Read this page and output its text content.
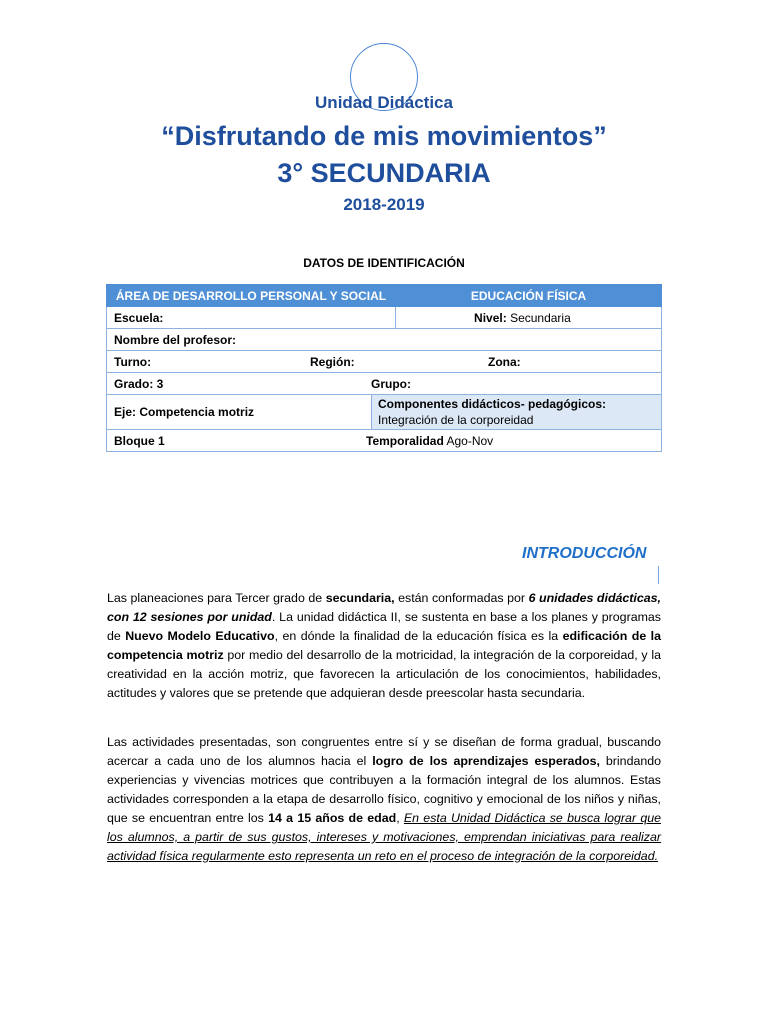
Unidad Didáctica
“Disfrutando de mis movimientos”
3° SECUNDARIA
2018-2019
DATOS DE IDENTIFICACIÓN
ÁREA DE DESARROLLO PERSONAL Y SOCIAL		EDUCACIÓN FÍSICA
Escuela:		Nivel: Secundaria
Nombre del profesor:		
Turno: Región: Zona:		
Grado: 3 Grupo:		
Eje: Competencia motriz	Componentes didácticos- pedagógicos:
Integración de la corporeidad	

Bloque 1 Temporalidad Ago-Nov		
INTRODUCCIÓN

Las planeaciones para Tercer grado de secundaria, están conformadas por 6 unidades didácticas, con 12 sesiones por unidad. La unidad didáctica II, se sustenta en base a los planes y programas de Nuevo Modelo Educativo, en dónde la finalidad de la educación física es la edificación de la competencia motriz por medio del desarrollo de la motricidad, la integración de la corporeidad, y la creatividad en la acción motriz, que favorecen la articulación de los conocimientos, habilidades, actitudes y valores que se pretende que adquieran desde preescolar hasta secundaria.

Las actividades presentadas, son congruentes entre sí y se diseñan de forma gradual, buscando acercar a cada uno de los alumnos hacia el logro de los aprendizajes esperados, brindando experiencias y vivencias motrices que contribuyen a la formación integral de los alumnos. Estas actividades corresponden a la etapa de desarrollo físico, cognitivo y emocional de los niños y niñas, que se encuentran entre los 14 a 15 años de edad, En esta Unidad Didáctica se busca lograr que los alumnos, a partir de sus gustos, intereses y motivaciones, emprendan iniciativas para realizar actividad física regularmente esto representa un reto en el proceso de integración de la corporeidad.
